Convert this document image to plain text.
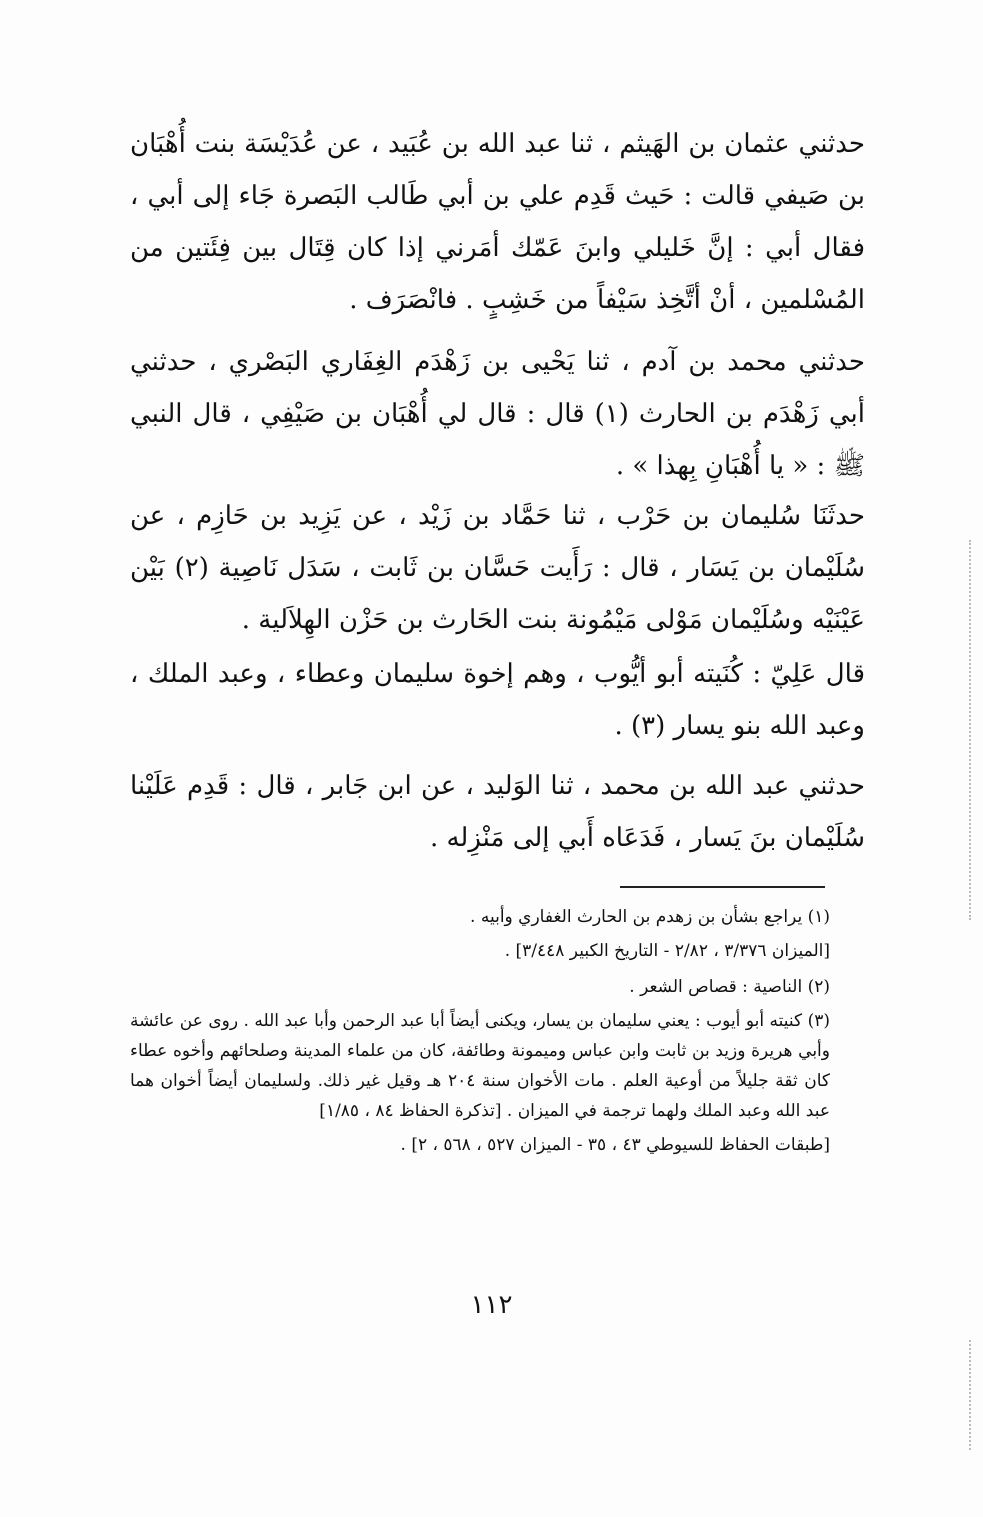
حدثني عثمان بن الهَيثم ، ثنا عبد الله بن عُبَيد ، عن عُدَيْسَة بنت أُهْبَان بن صَيفي قالت : حَيث قَدِم علي بن أبي طَالب البَصرة جَاء إلى أبي ، فقال أبي : إنَّ خَليلي وابنَ عَمّك أمَرني إذا كان قِتَال بين فِئَتين من المُسْلمين ، أنْ أتَّخِذ سَيْفاً من خَشِبٍ . فانْصَرَف .

حدثني محمد بن آدم ، ثنا يَحْيى بن زَهْدَم الغِفَاري البَصْري ، حدثني أبي زَهْدَم بن الحارث (١) قال : قال لي أُهْبَان بن صَيْفِي ، قال النبي ﷺ : « يا أُهْبَانِ بِهذا » .

حدثَنَا سُليمان بن حَرْب ، ثنا حَمَّاد بن زَيْد ، عن يَزِيد بن حَازِم ، عن سُلَيْمان بن يَسَار ، قال : رَأَيت حَسَّان بن ثَابت ، سَدَل نَاصِية (٢) بَيْن عَيْنَيْه وسُلَيْمان مَوْلى مَيْمُونة بنت الحَارث بن حَزْن الهِلاَلية .

قال عَلِيّ : كُنَيته أبو أيُّوب ، وهم إخوة سليمان وعطاء ، وعبد الملك ، وعبد الله بنو يسار (٣) .

حدثني عبد الله بن محمد ، ثنا الوَليد ، عن ابن جَابر ، قال : قَدِم عَلَيْنا سُلَيْمان بنَ يَسار ، فَدَعَاه أَبي إلى مَنْزِله .

(١) يراجع بشأن بن زهدم بن الحارث الغفاري وأبيه .

[الميزان ٣/٣٧٦ ، ٢/٨٢ - التاريخ الكبير ٣/٤٤٨] .

(٢) الناصية : قصاص الشعر .

(٣) كنيته أبو أيوب : يعني سليمان بن يسار، ويكنى أيضاً أبا عبد الرحمن وأبا عبد الله . روى عن عائشة وأبي هريرة وزيد بن ثابت وابن عباس وميمونة وطائفة، كان من علماء المدينة وصلحائهم وأخوه عطاء كان ثقة جليلاً من أوعية العلم . مات الأخوان سنة ٢٠٤ هـ وقيل غير ذلك. ولسليمان أيضاً أخوان هما عبد الله وعبد الملك ولهما ترجمة في الميزان . [تذكرة الحفاظ ٨٤ ، ١/٨٥]

[طبقات الحفاظ للسيوطي ٤٣ ، ٣٥ - الميزان ٥٢٧ ، ٥٦٨ ، ٢] .

١١٢
